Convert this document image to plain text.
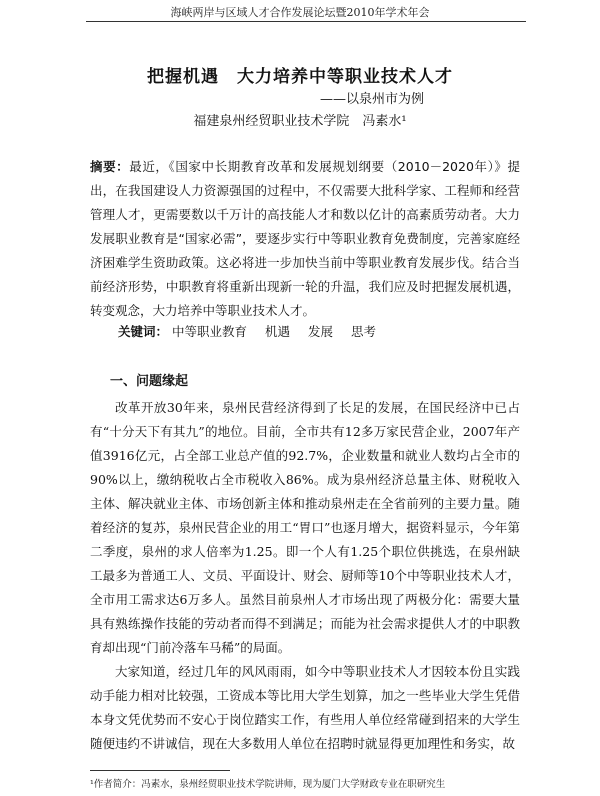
海峡两岸与区域人才合作发展论坛暨2010年学术年会
把握机遇　大力培养中等职业技术人才
——以泉州市为例
福建泉州经贸职业技术学院　冯素水¹
摘要：最近，《国家中长期教育改革和发展规划纲要（2010－2020年）》提出，在我国建设人力资源强国的过程中，不仅需要大批科学家、工程师和经营管理人才，更需要数以千万计的高技能人才和数以亿计的高素质劳动者。大力发展职业教育是“国家必需”，要逐步实行中等职业教育免费制度，完善家庭经济困难学生资助政策。这必将进一步加快当前中等职业教育发展步伐。结合当前经济形势，中职教育将重新出现新一轮的升温，我们应及时把握发展机遇，转变观念，大力培养中等职业技术人才。
关键词： 中等职业教育 机遇 发展 思考
一、问题缘起

改革开放30年来，泉州民营经济得到了长足的发展，在国民经济中已占有“十分天下有其九”的地位。目前，全市共有12多万家民营企业，2007年产值3916亿元，占全部工业总产值的92.7%，企业数量和就业人数均占全市的90%以上，缴纳税收占全市税收入86%。成为泉州经济总量主体、财税收入主体、解决就业主体、市场创新主体和推动泉州走在全省前列的主要力量。随着经济的复苏，泉州民营企业的用工“胃口”也逐月增大，据资料显示，今年第二季度，泉州的求人倍率为1.25。即一个人有1.25个职位供挑选，在泉州缺工最多为普通工人、文员、平面设计、财会、厨师等10个中等职业技术人才，全市用工需求达6万多人。虽然目前泉州人才市场出现了两极分化：需要大量具有熟练操作技能的劳动者而得不到满足；而能为社会需求提供人才的中职教育却出现“门前冷落车马稀”的局面。

大家知道，经过几年的风风雨雨，如今中等职业技术人才因较本份且实践动手能力相对比较强，工资成本等比用大学生划算，加之一些毕业大学生凭借本身文凭优势而不安心于岗位踏实工作，有些用人单位经常碰到招来的大学生随便违约不讲诚信，现在大多数用人单位在招聘时就显得更加理性和务实，故

¹作者简介：冯素水，泉州经贸职业技术学院讲师，现为厦门大学财政专业在职研究生
